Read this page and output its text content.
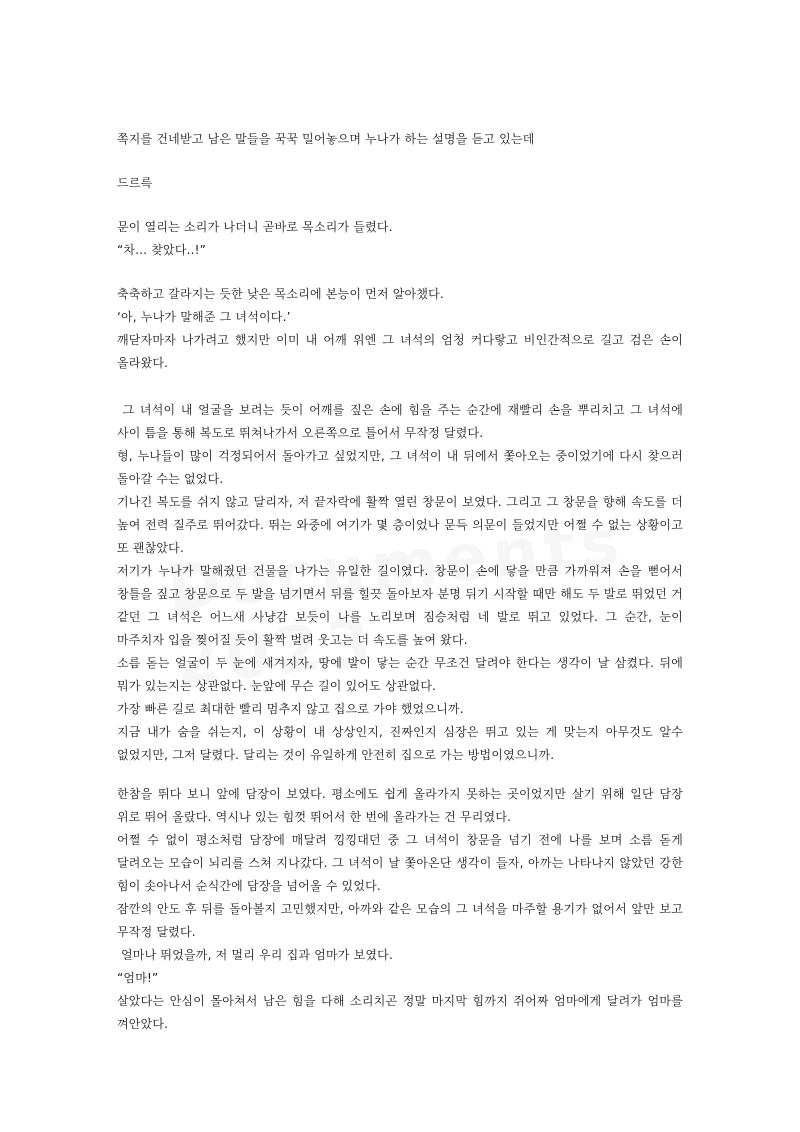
쪽지를 건네받고 남은 말들을 꾹꾹 밀어놓으며 누나가 하는 설명을 듣고 있는데

드르륵

문이 열리는 소리가 나더니 곧바로 목소리가 들렸다.

“차... 찾았다..!”

축축하고 갈라지는 듯한 낮은 목소리에 본능이 먼저 알아챘다.

‘아, 누나가 말해준 그 녀석이다.’

깨닫자마자 나가려고 했지만 이미 내 어깨 위엔 그 녀석의 엄청 커다랗고 비인간적으로 길고 검은 손이 올라왔다.

그 녀석이 내 얼굴을 보려는 듯이 어깨를 짚은 손에 힘을 주는 순간에 재빨리 손을 뿌리치고 그 녀석에 사이 틈을 통해 복도로 뛰쳐나가서 오른쪽으로 틀어서 무작정 달렸다.

형, 누나들이 많이 걱정되어서 돌아가고 싶었지만, 그 녀석이 내 뒤에서 쫓아오는 중이었기에 다시 찾으러 돌아갈 수는 없었다.

기나긴 복도를 쉬지 않고 달리자, 저 끝자락에 활짝 열린 창문이 보였다. 그리고 그 창문을 향해 속도를 더 높여 전력 질주로 뛰어갔다. 뛰는 와중에 여기가 몇 층이었나 문득 의문이 들었지만 어쩔 수 없는 상황이고 또 괜찮았다.

저기가 누나가 말해줬던 건물을 나가는 유일한 길이였다. 창문이 손에 닿을 만큼 가까워져 손을 뻗어서 창틀을 짚고 창문으로 두 발을 넘기면서 뒤를 힐끗 돌아보자 분명 뒤기 시작할 때만 해도 두 발로 뛰었던 거 같던 그 녀석은 어느새 사냥감 보듯이 나를 노리보며 짐승처럼 네 발로 뛰고 있었다. 그 순간, 눈이 마주치자 입을 찢어질 듯이 활짝 벌려 웃고는 더 속도를 높여 왔다.

소름 돋는 얼굴이 두 눈에 새겨지자, 땅에 발이 닿는 순간 무조건 달려야 한다는 생각이 날 삼켰다. 뒤에 뭐가 있는지는 상관없다. 눈앞에 무슨 길이 있어도 상관없다.

가장 빠른 길로 최대한 빨리 멈추지 않고 집으로 가야 했었으니까.

지금 내가 숨을 쉬는지, 이 상황이 내 상상인지, 진짜인지 심장은 뛰고 있는 게 맞는지 아무것도 알수 없었지만, 그저 달렸다. 달리는 것이 유일하게 안전히 집으로 가는 방법이였으니까.

한참을 뛰다 보니 앞에 담장이 보였다. 평소에도 쉽게 올라가지 못하는 곳이었지만 살기 위해 일단 담장 위로 뛰어 올랐다. 역시나 있는 힘껏 뛰어서 한 번에 올라가는 건 무리였다.

어쩔 수 없이 평소처럼 담장에 매달려 낑낑대던 중 그 녀석이 창문을 넘기 전에 나를 보며 소름 돋게 달려오는 모습이 뇌리를 스쳐 지나갔다. 그 녀석이 날 쫓아온단 생각이 들자, 아까는 나타나지 않았던 강한 힘이 솟아나서 순식간에 담장을 넘어올 수 있었다.

잠깐의 안도 후 뒤를 돌아볼지 고민했지만, 아까와 같은 모습의 그 녀석을 마주할 용기가 없어서 앞만 보고 무작정 달렸다.

얼마나 뛰었을까, 저 멀리 우리 집과 엄마가 보였다.

“엄마!”

살았다는 안심이 몰아쳐서 남은 힘을 다해 소리치곤 정말 마지막 힘까지 쥐어짜 엄마에게 달려가 엄마를 껴안았다.
